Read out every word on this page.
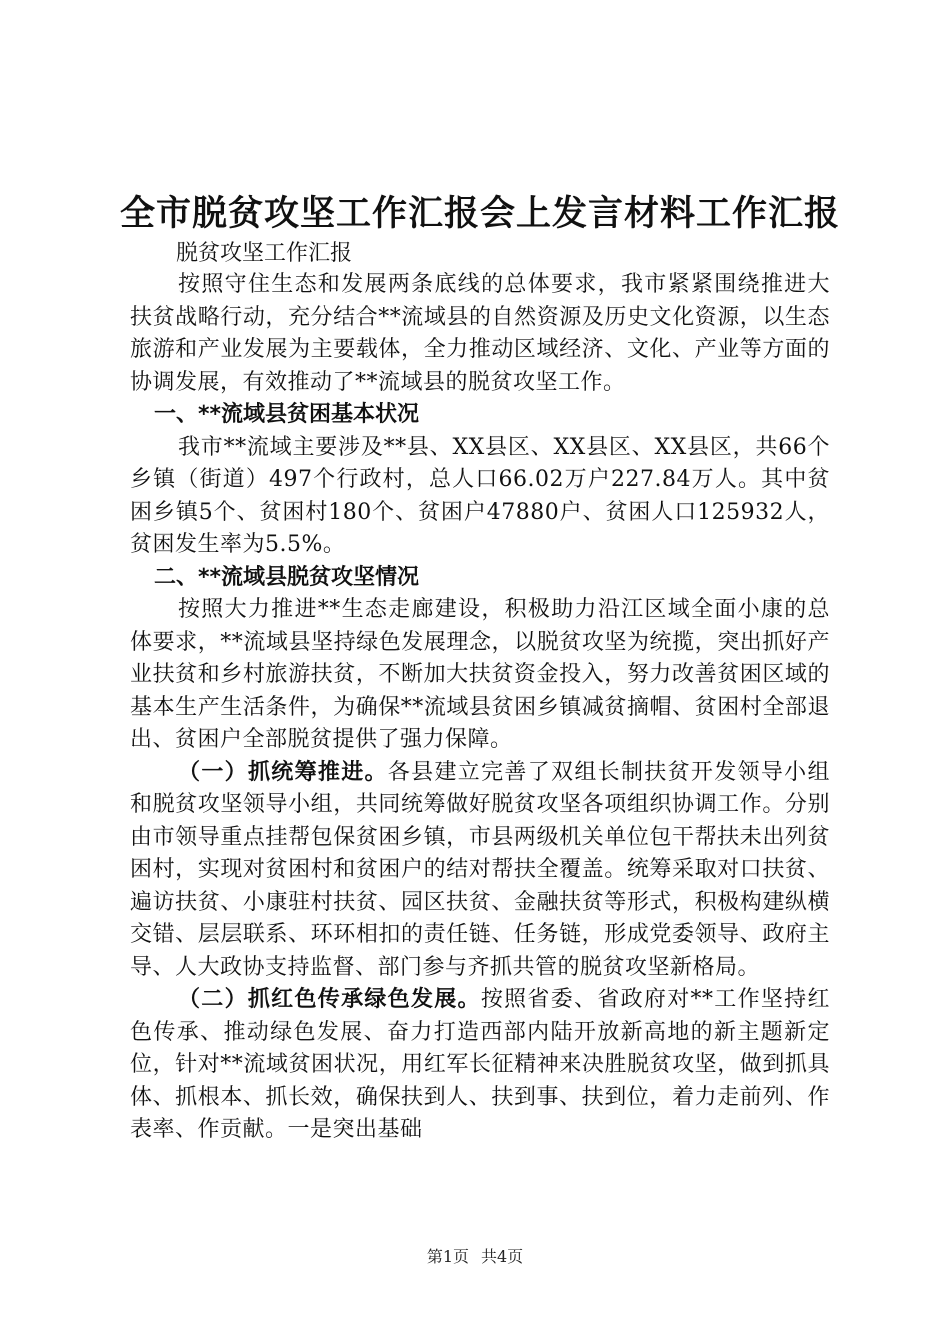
全市脱贫攻坚工作汇报会上发言材料工作汇报

脱贫攻坚工作汇报

按照守住生态和发展两条底线的总体要求，我市紧紧围绕推进大扶贫战略行动，充分结合**流域县的自然资源及历史文化资源，以生态旅游和产业发展为主要载体，全力推动区域经济、文化、产业等方面的协调发展，有效推动了**流域县的脱贫攻坚工作。

一、**流域县贫困基本状况

我市**流域主要涉及**县、XX县区、XX县区、XX县区，共66个乡镇（街道）497个行政村，总人口66.02万户227.84万人。其中贫困乡镇5个、贫困村180个、贫困户47880户、贫困人口125932人，贫困发生率为5.5%。

二、**流域县脱贫攻坚情况

按照大力推进**生态走廊建设，积极助力沿江区域全面小康的总体要求，**流域县坚持绿色发展理念，以脱贫攻坚为统揽，突出抓好产业扶贫和乡村旅游扶贫，不断加大扶贫资金投入，努力改善贫困区域的基本生产生活条件，为确保**流域县贫困乡镇减贫摘帽、贫困村全部退出、贫困户全部脱贫提供了强力保障。

（一）抓统筹推进。各县建立完善了双组长制扶贫开发领导小组和脱贫攻坚领导小组，共同统筹做好脱贫攻坚各项组织协调工作。分别由市领导重点挂帮包保贫困乡镇，市县两级机关单位包干帮扶未出列贫困村，实现对贫困村和贫困户的结对帮扶全覆盖。统筹采取对口扶贫、遍访扶贫、小康驻村扶贫、园区扶贫、金融扶贫等形式，积极构建纵横交错、层层联系、环环相扣的责任链、任务链，形成党委领导、政府主导、人大政协支持监督、部门参与齐抓共管的脱贫攻坚新格局。

（二）抓红色传承绿色发展。按照省委、省政府对**工作坚持红色传承、推动绿色发展、奋力打造西部内陆开放新高地的新主题新定位，针对**流域贫困状况，用红军长征精神来决胜脱贫攻坚，做到抓具体、抓根本、抓长效，确保扶到人、扶到事、扶到位，着力走前列、作表率、作贡献。一是突出基础

第1页 共4页
